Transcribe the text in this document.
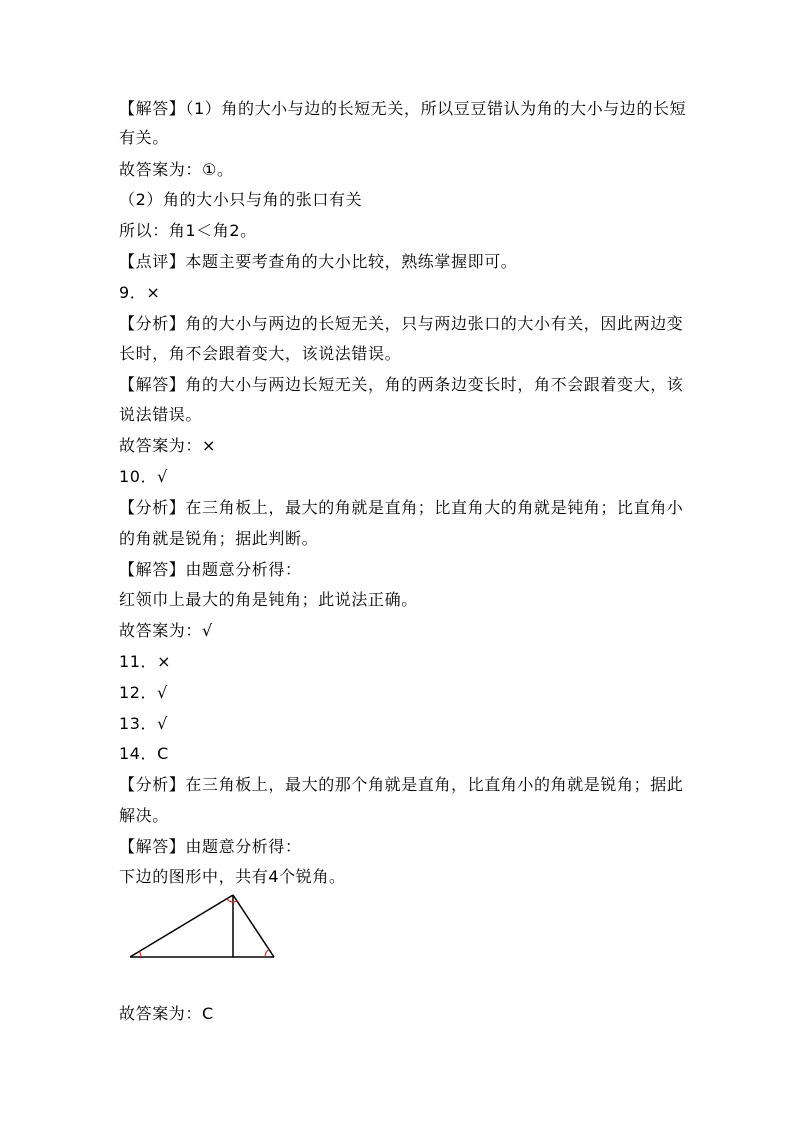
【解答】（1）角的大小与边的长短无关，所以豆豆错认为角的大小与边的长短
有关。
故答案为：①。
（2）角的大小只与角的张口有关
所以：角1＜角2。
【点评】本题主要考查角的大小比较，熟练掌握即可。
9．×
【分析】角的大小与两边的长短无关，只与两边张口的大小有关，因此两边变
长时，角不会跟着变大，该说法错误。
【解答】角的大小与两边长短无关，角的两条边变长时，角不会跟着变大，该
说法错误。
故答案为：×
10．√
【分析】在三角板上，最大的角就是直角；比直角大的角就是钝角；比直角小
的角就是锐角；据此判断。
【解答】由题意分析得：
红领巾上最大的角是钝角；此说法正确。
故答案为：√
11．×
12．√
13．√
14．C
【分析】在三角板上，最大的那个角就是直角，比直角小的角就是锐角；据此
解决。
【解答】由题意分析得：
下边的图形中，共有4个锐角。
故答案为：C
